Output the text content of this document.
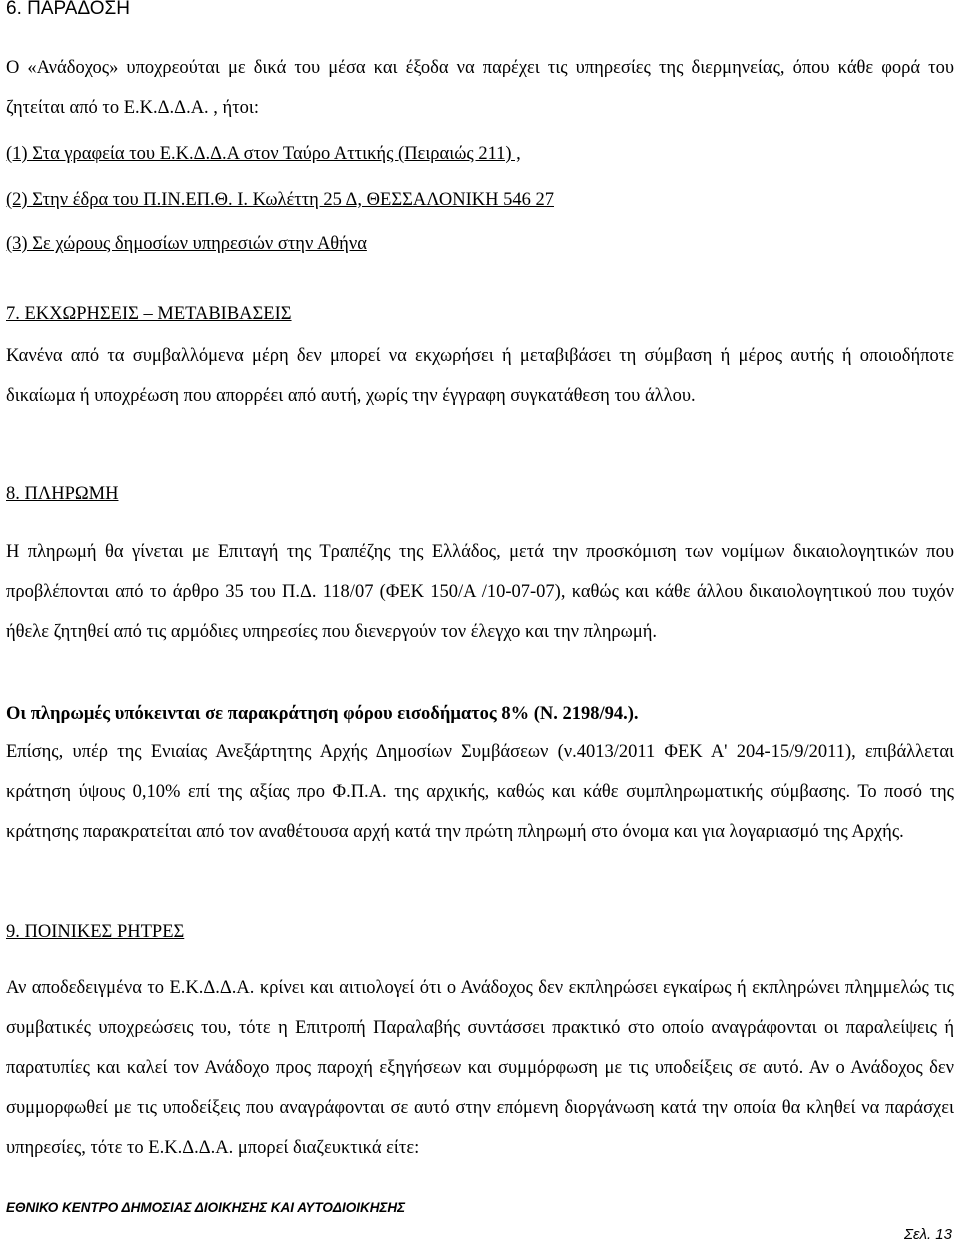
6. ΠΑΡΑΔΟΣΗ

Ο «Ανάδοχος» υποχρεούται με δικά του μέσα και έξοδα να παρέχει τις υπηρεσίες της διερμηνείας, όπου κάθε φορά του ζητείται από το Ε.Κ.Δ.Δ.Α. , ήτοι:

(1) Στα γραφεία του Ε.Κ.Δ.Δ.Α στον Ταύρο Αττικής (Πειραιώς 211) ,

(2) Στην έδρα του Π.ΙΝ.ΕΠ.Θ. Ι. Κωλέττη 25 Δ, ΘΕΣΣΑΛΟΝΙΚΗ 546 27

(3) Σε χώρους δημοσίων υπηρεσιών στην Αθήνα

7. ΕΚΧΩΡΗΣΕΙΣ – ΜΕΤΑΒΙΒΑΣΕΙΣ

Κανένα από τα συμβαλλόμενα μέρη δεν μπορεί να εκχωρήσει ή μεταβιβάσει τη σύμβαση ή μέρος αυτής ή οποιοδήποτε δικαίωμα ή υποχρέωση που απορρέει από αυτή, χωρίς την έγγραφη συγκατάθεση του άλλου.

8. ΠΛΗΡΩΜΗ

Η πληρωμή θα γίνεται με Επιταγή της Τραπέζης της Ελλάδος, μετά την προσκόμιση των νομίμων δικαιολογητικών που προβλέπονται από το άρθρο 35 του Π.Δ. 118/07 (ΦΕΚ 150/Α /10-07-07), καθώς και κάθε άλλου δικαιολογητικού που τυχόν ήθελε ζητηθεί από τις αρμόδιες υπηρεσίες που διενεργούν τον έλεγχο και την πληρωμή.

Οι πληρωμές υπόκεινται σε παρακράτηση φόρου εισοδήματος 8% (Ν. 2198/94.).

Επίσης, υπέρ της Ενιαίας Ανεξάρτητης Αρχής Δημοσίων Συμβάσεων (ν.4013/2011 ΦΕΚ Α' 204-15/9/2011), επιβάλλεται κράτηση ύψους 0,10% επί της αξίας προ Φ.Π.Α. της αρχικής, καθώς και κάθε συμπληρωματικής σύμβασης. Το ποσό της κράτησης παρακρατείται από τον αναθέτουσα αρχή κατά την πρώτη πληρωμή στο όνομα και για λογαριασμό της Αρχής.

9. ΠΟΙΝΙΚΕΣ ΡΗΤΡΕΣ

Αν αποδεδειγμένα το Ε.Κ.Δ.Δ.Α. κρίνει και αιτιολογεί ότι ο Ανάδοχος δεν εκπληρώσει εγκαίρως ή εκπληρώνει πλημμελώς τις συμβατικές υποχρεώσεις του, τότε η Επιτροπή Παραλαβής συντάσσει πρακτικό στο οποίο αναγράφονται οι παραλείψεις ή παρατυπίες και καλεί τον Ανάδοχο προς παροχή εξηγήσεων και συμμόρφωση με τις υποδείξεις σε αυτό. Αν ο Ανάδοχος δεν συμμορφωθεί με τις υποδείξεις που αναγράφονται σε αυτό στην επόμενη διοργάνωση κατά την οποία θα κληθεί να παράσχει υπηρεσίες, τότε το Ε.Κ.Δ.Δ.Α. μπορεί διαζευκτικά είτε:

ΕΘΝΙΚΟ ΚΕΝΤΡΟ ΔΗΜΟΣΙΑΣ ΔΙΟΙΚΗΣΗΣ ΚΑΙ ΑΥΤΟΔΙΟΙΚΗΣΗΣ
Σελ. 13
